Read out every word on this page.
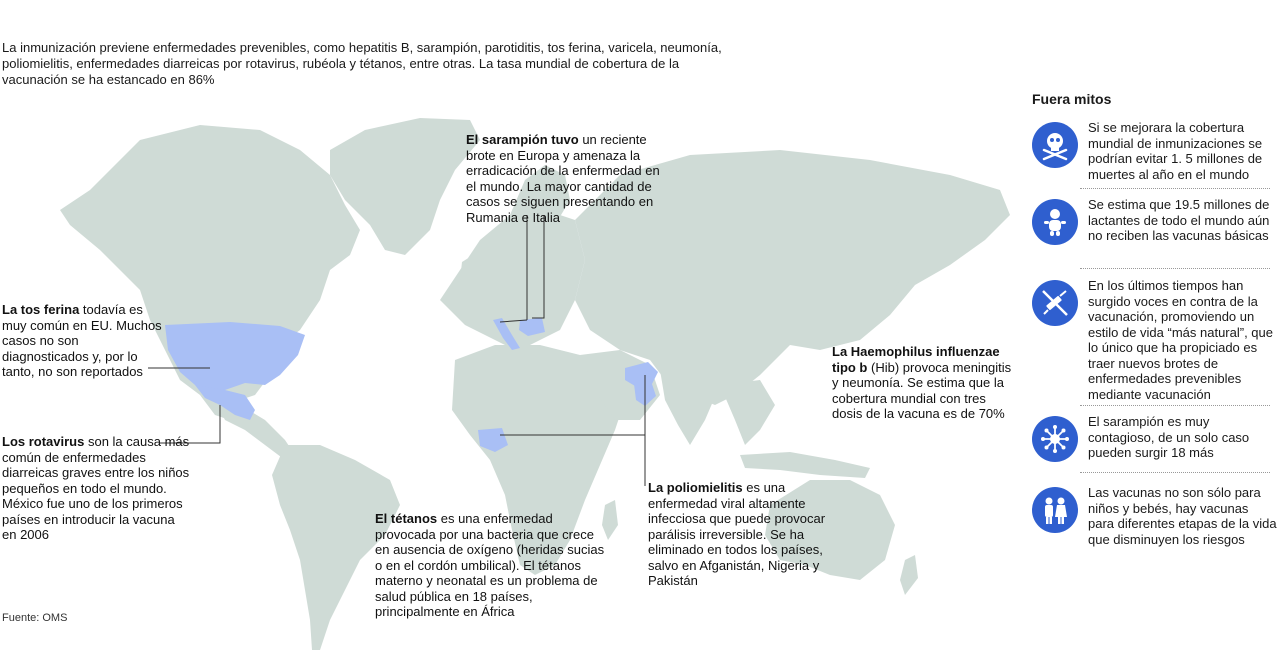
La inmunización previene enfermedades prevenibles, como hepatitis B, sarampión, parotiditis, tos ferina, varicela, neumonía, poliomielitis, enfermedades diarreicas por rotavirus, rubéola y tétanos, entre otras. La tasa mundial de cobertura de la vacunación se ha estancado en 86%
La tos ferina todavía es muy común en EU. Muchos casos no son diagnosticados y, por lo tanto, no son reportados
Los rotavirus son la causa más común de enfermedades diarreicas graves entre los niños pequeños en todo el mundo. México fue uno de los primeros países en introducir la vacuna en 2006
El sarampión tuvo un reciente brote en Europa y amenaza la erradicación de la enfermedad en el mundo. La mayor cantidad de casos se siguen presentando en Rumania e Italia
El tétanos es una enfermedad provocada por una bacteria que crece en ausencia de oxígeno (heridas sucias o en el cordón umbilical). El tétanos materno y neonatal es un problema de salud pública en 18 países, principalmente en África
La poliomielitis es una enfermedad viral altamente infecciosa que puede provocar parálisis irreversible. Se ha eliminado en todos los países, salvo en Afganistán, Nigeria y Pakistán
La Haemophilus influenzae tipo b (Hib) provoca meningitis y neumonía. Se estima que la cobertura mundial con tres dosis de la vacuna es de 70%
Fuente: OMS
Fuera mitos
Si se mejorara la cobertura mundial de inmunizaciones se podrían evitar 1. 5 millones de muertes al año en el mundo
Se estima que 19.5 millones de lactantes de todo el mundo aún no reciben las vacunas básicas
En los últimos tiempos han surgido voces en contra de la vacunación, promoviendo un estilo de vida “más natural”, que lo único que ha propiciado es traer nuevos brotes de enfermedades prevenibles mediante vacunación
El sarampión es muy contagioso, de un solo caso pueden surgir 18 más
Las vacunas no son sólo para niños y bebés, hay vacunas para diferentes etapas de la vida que disminuyen los riesgos
